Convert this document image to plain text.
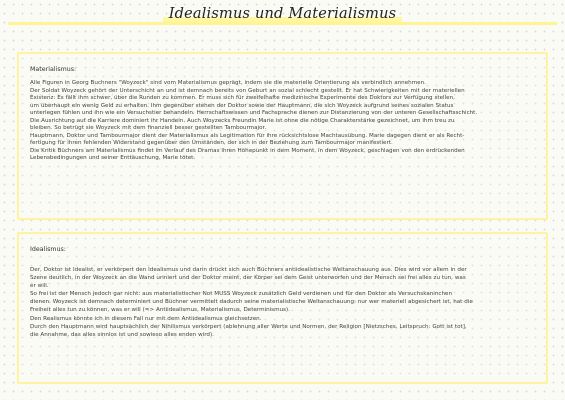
Idealismus und Materialismus
Materialismus:

Alle Figuren in Georg Buchners "Woyzeck" sind vom Materialismus geprägt, indem sie die materielle Orientierung als verbindlich annehmen.

Der Soldat Woyzeck gehört der Unterschicht an und ist demnach bereits von Geburt an sozial schlecht gestellt. Er hat Schwierigkeiten mit der materiellen

Existenz: Es fällt ihm schwer, über die Runden zu kommen. Er muss sich für zweifelhafte medizinische Experimente des Doktors zur Verfügung stellen,

um überhaupt ein wenig Geld zu erhalten. Ihm gegenüber stehen der Doktor sowie der Hauptmann, die sich Woyzeck aufgrund seines sozialen Status

unterlegen fühlen und ihn wie ein Versuchstier behandeln. Herrschaftswissen und Fachsprache dienen zur Distanzierung von der unteren Gesellschaftsschicht.

Die Ausrichtung auf die Karriere dominiert ihr Handeln. Auch Woyzecks Freundin Marie ist ohne die nötige Charakterstärke gezeichnet, um ihm treu zu

bleiben. So betrügt sie Woyzeck mit dem finanziell besser gestellten Tambourmajor.

Hauptmann, Doktor und Tambourmajor dient der Materialismus als Legitimation für ihre rücksichtslose Machtausübung. Marie dagegen dient er als Recht-

fertigung für ihren fehlenden Widerstand gegenüber den Umständen, der sich in der Beziehung zum Tambourmajor manifestiert.

Die Kritik Büchners am Materialismus findet im Verlauf des Dramas ihren Höhepunkt in dem Moment, in dem Woyzeck, geschlagen von den erdrückenden

Lebensbedingungen und seiner Enttäuschung, Marie tötet.

Idealismus:

Der, Doktor ist Idealist, er verkörpert den Idealismus und darin drückt sich auch Büchners antiidealistische Weltanschauung aus. Dies wird vor allem in der

Szene deutlich, in der Woyzeck an die Wand uriniert und der Doktor meint, der Körper sei dem Geist unterworfen und der Mensch sei frei alles zu tun, was

er will.

So frei ist der Mensch jedoch gar nicht: aus materialistischer Not MUSS Woyzeck zusätzlich Geld verdienen und für den Doktor als Versuchskaninchen

dienen. Woyzeck ist demnach determiniert und Büchner vermittelt dadurch seine materialistische Weltanschauung: nur wer materiell abgesichert ist, hat die

Freiheit alles tun zu können, was er will (=> Antiidealismus, Materialismus, Determinismus).

Den Realismus könnte ich in diesem Fall nur mit dem Antiidealismus gleichsetzen.

Durch den Hauptmann wird hauptsächlich der Nihilismus verkörpert (ablehnung aller Werte und Normen, der Religion [Nietzsches, Leitspruch: Gott ist tot],

die Annahme, das alles sinnlos ist und sowieso alles enden wird).
